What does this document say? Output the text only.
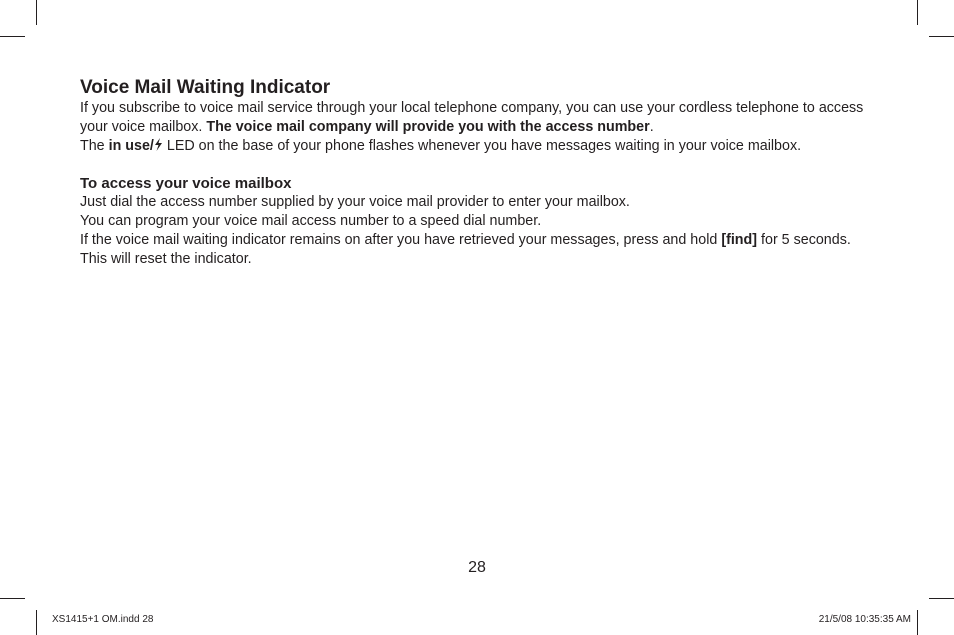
Voice Mail Waiting Indicator

If you subscribe to voice mail service through your local telephone company, you can use your cordless telephone to access your voice mailbox. The voice mail company will provide you with the access number.

The in use/ LED on the base of your phone flashes whenever you have messages waiting in your voice mailbox.

To access your voice mailbox

Just dial the access number supplied by your voice mail provider to enter your mailbox.

You can program your voice mail access number to a speed dial number.

If the voice mail waiting indicator remains on after you have retrieved your messages, press and hold [find] for 5 seconds. This will reset the indicator.

28
XS1415+1 OM.indd 28	21/5/08 10:35:35 AM
